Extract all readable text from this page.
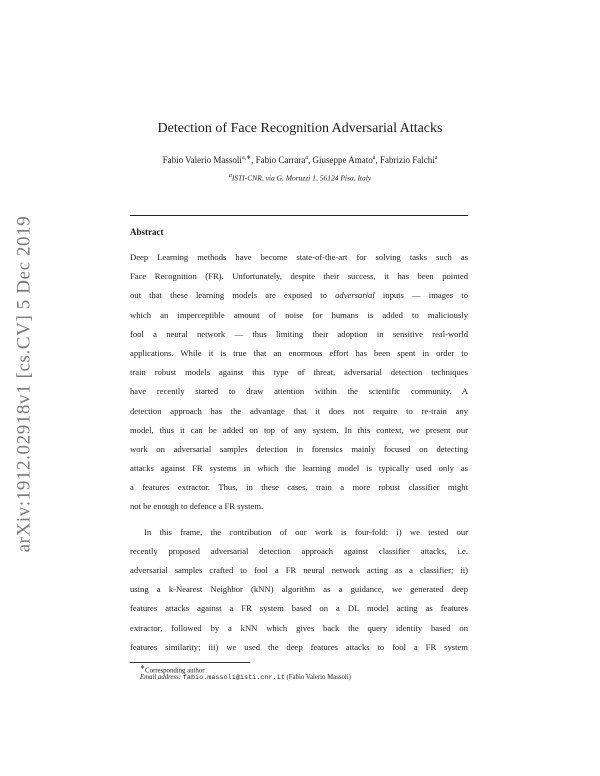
arXiv:1912.02918v1 [cs.CV] 5 Dec 2019
Detection of Face Recognition Adversarial Attacks
Fabio Valerio Massoli$^{a,∗}$, Fabio Carrara$^a$, Giuseppe Amato$^a$, Fabrizio Falchi$^a$
$^a$ISTI-CNR, via G. Moruzzi 1, 56124 Pisa, Italy
Abstract

Deep Learning methods have become state-of-the-art for solving tasks such as
Face Recognition (FR). Unfortunately, despite their success, it has been pointed
out that these learning models are exposed to adversarial inputs — images to
which an imperceptible amount of noise for humans is added to maliciously
fool a neural network — thus limiting their adoption in sensitive real-world
applications. While it is true that an enormous effort has been spent in order to
train robust models against this type of threat, adversarial detection techniques
have recently started to draw attention within the scientific community. A
detection approach has the advantage that it does not require to re-train any
model, thus it can be added on top of any system. In this context, we present our
work on adversarial samples detection in forensics mainly focused on detecting
attacks against FR systems in which the learning model is typically used only as
a features extractor. Thus, in these cases, train a more robust classifier might
not be enough to defence a FR system.

In this frame, the contribution of our work is four-fold: i) we tested our
recently proposed adversarial detection approach against classifier attacks, i.e.
adversarial samples crafted to fool a FR neural network acting as a classifier; ii)
using a k-Nearest Neighbor (kNN) algorithm as a guidance, we generated deep
features attacks against a FR system based on a DL model acting as features
extractor, followed by a kNN which gives back the query identity based on
features similarity; iii) we used the deep features attacks to fool a FR system

∗Corresponding author
Email address: fabio.massoli@isti.cnr.it (Fabio Valerio Massoli)
